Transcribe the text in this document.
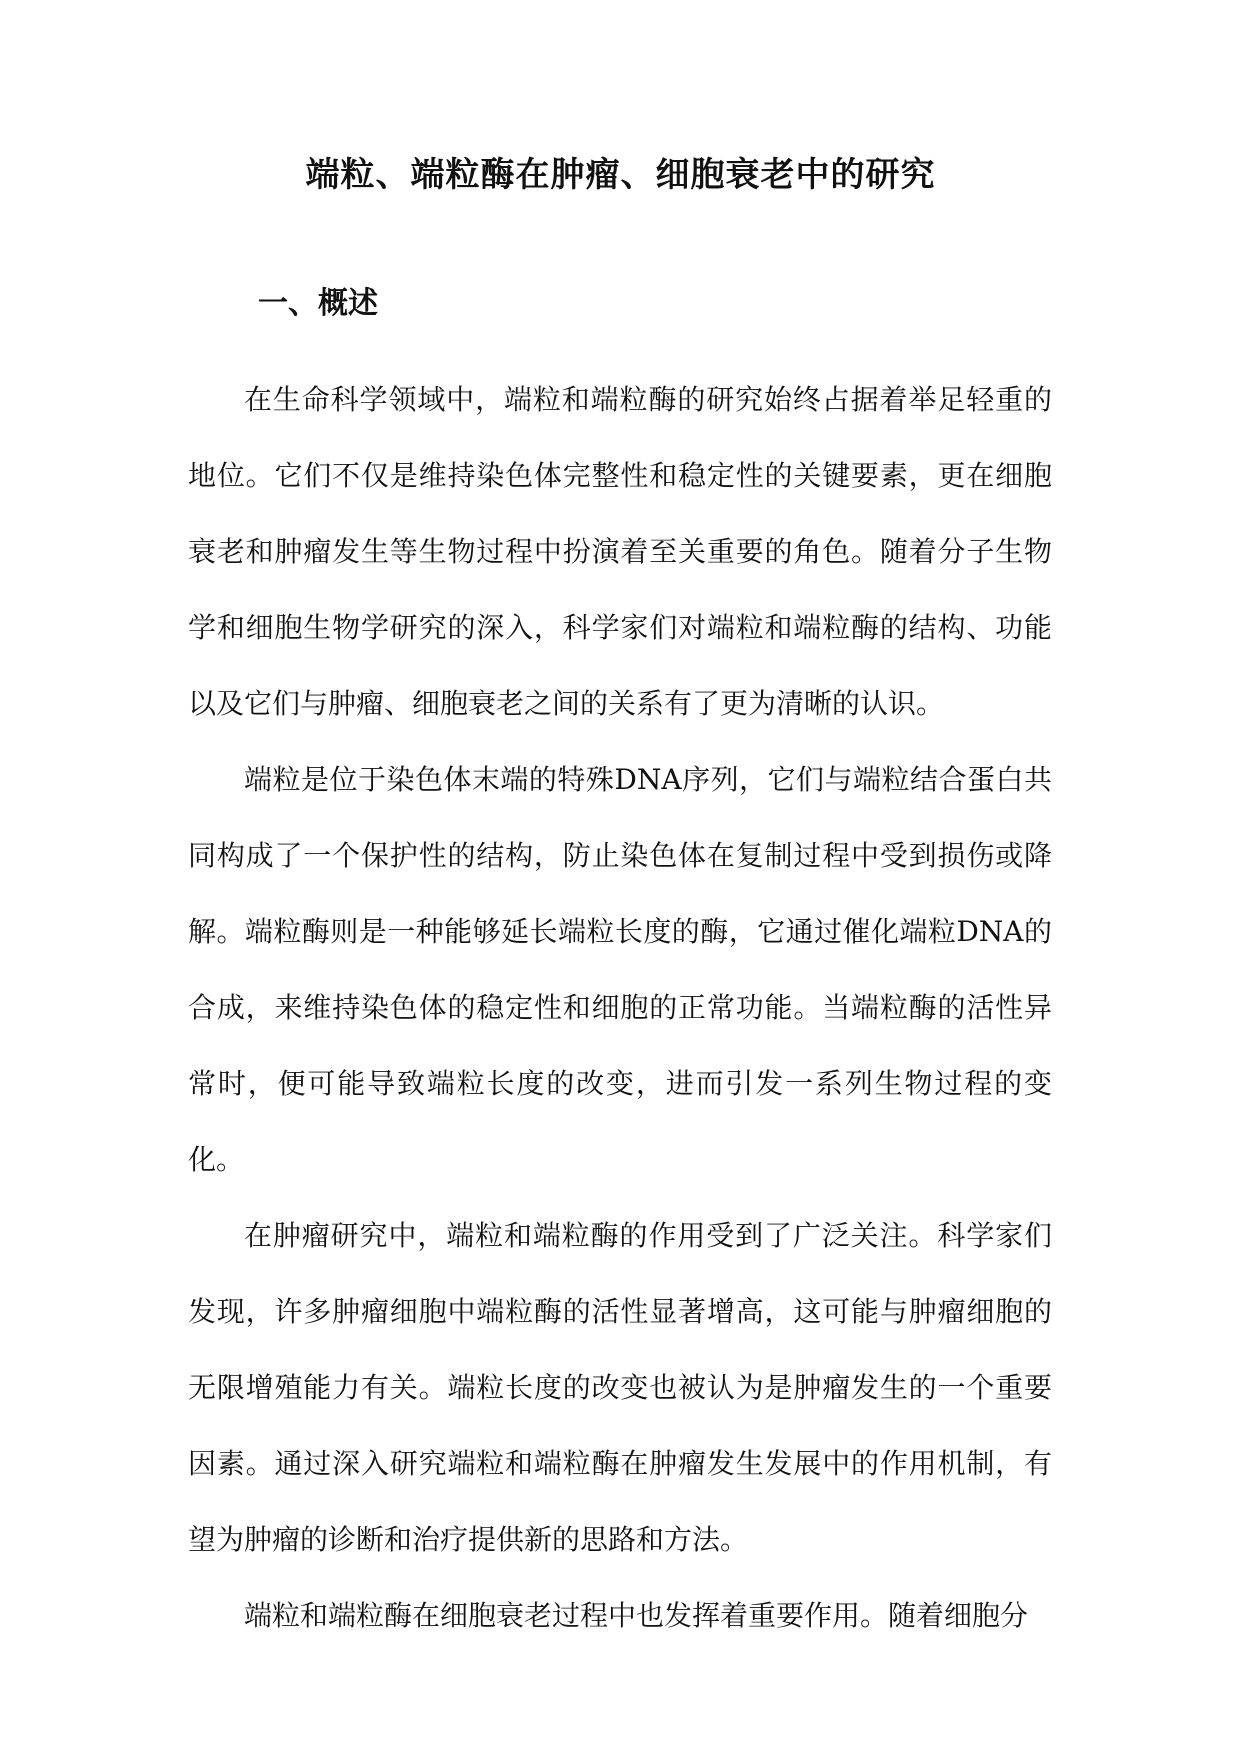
端粒、端粒酶在肿瘤、细胞衰老中的研究
一、概述

在生命科学领域中，端粒和端粒酶的研究始终占据着举足轻重的地位。它们不仅是维持染色体完整性和稳定性的关键要素，更在细胞衰老和肿瘤发生等生物过程中扮演着至关重要的角色。随着分子生物学和细胞生物学研究的深入，科学家们对端粒和端粒酶的结构、功能以及它们与肿瘤、细胞衰老之间的关系有了更为清晰的认识。

端粒是位于染色体末端的特殊DNA序列，它们与端粒结合蛋白共同构成了一个保护性的结构，防止染色体在复制过程中受到损伤或降解。端粒酶则是一种能够延长端粒长度的酶，它通过催化端粒DNA的合成，来维持染色体的稳定性和细胞的正常功能。当端粒酶的活性异常时，便可能导致端粒长度的改变，进而引发一系列生物过程的变化。

在肿瘤研究中，端粒和端粒酶的作用受到了广泛关注。科学家们发现，许多肿瘤细胞中端粒酶的活性显著增高，这可能与肿瘤细胞的无限增殖能力有关。端粒长度的改变也被认为是肿瘤发生的一个重要因素。通过深入研究端粒和端粒酶在肿瘤发生发展中的作用机制，有望为肿瘤的诊断和治疗提供新的思路和方法。

端粒和端粒酶在细胞衰老过程中也发挥着重要作用。随着细胞分
